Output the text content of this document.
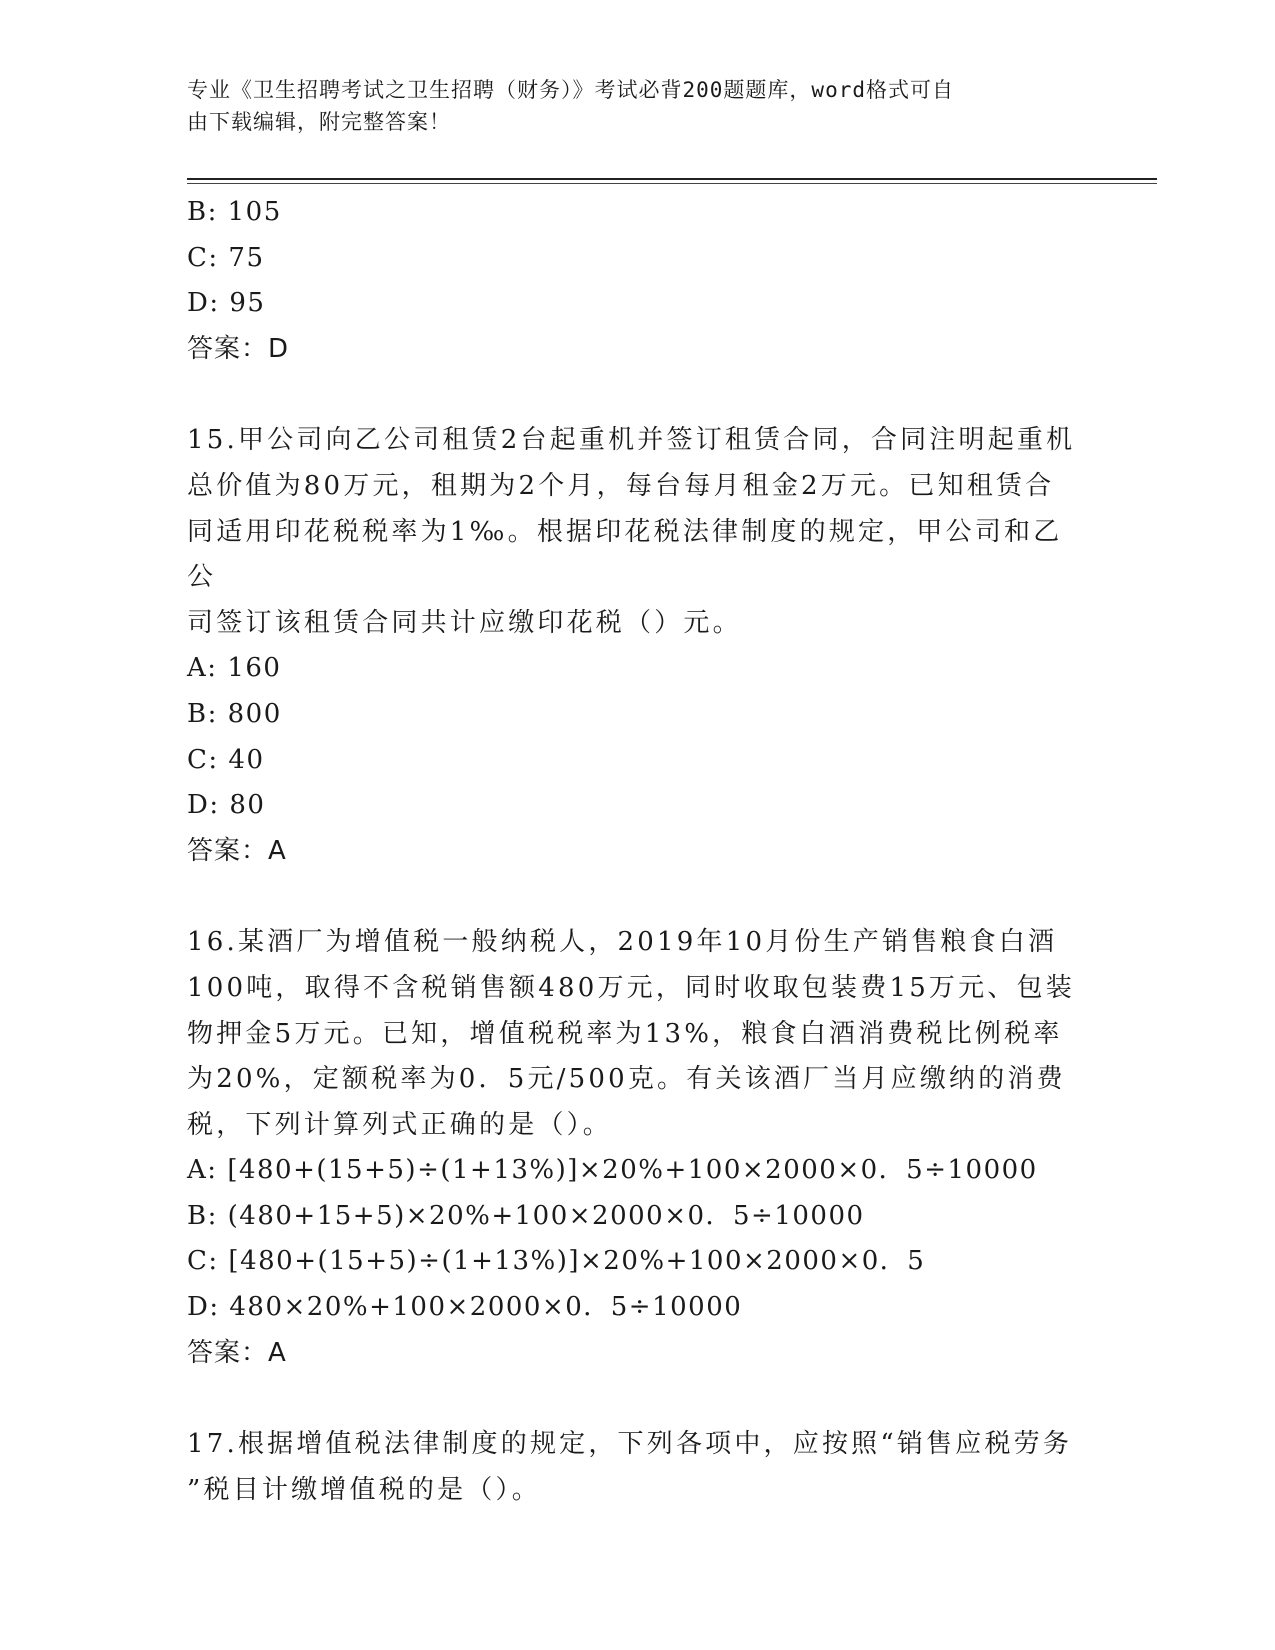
专业《卫生招聘考试之卫生招聘（财务）》考试必背200题题库，word格式可自
由下载编辑，附完整答案！
B: 105
C: 75
D: 95
答案：D
15.甲公司向乙公司租赁2台起重机并签订租赁合同，合同注明起重机
总价值为80万元，租期为2个月，每台每月租金2万元。已知租赁合
同适用印花税税率为1‰。根据印花税法律制度的规定，甲公司和乙公
司签订该租赁合同共计应缴印花税（）元。
A: 160
B: 800
C: 40
D: 80
答案：A
16.某酒厂为增值税一般纳税人，2019年10月份生产销售粮食白酒
100吨，取得不含税销售额480万元，同时收取包装费15万元、包装
物押金5万元。已知，增值税税率为13%，粮食白酒消费税比例税率
为20%，定额税率为0．5元/500克。有关该酒厂当月应缴纳的消费
税，下列计算列式正确的是（）。
A: [480+(15+5)÷(1+13%)]×20%+100×2000×0．5÷10000
B: (480+15+5)×20%+100×2000×0．5÷10000
C: [480+(15+5)÷(1+13%)]×20%+100×2000×0．5
D: 480×20%+100×2000×0．5÷10000
答案：A
17.根据增值税法律制度的规定，下列各项中，应按照“销售应税劳务
”税目计缴增值税的是（）。
